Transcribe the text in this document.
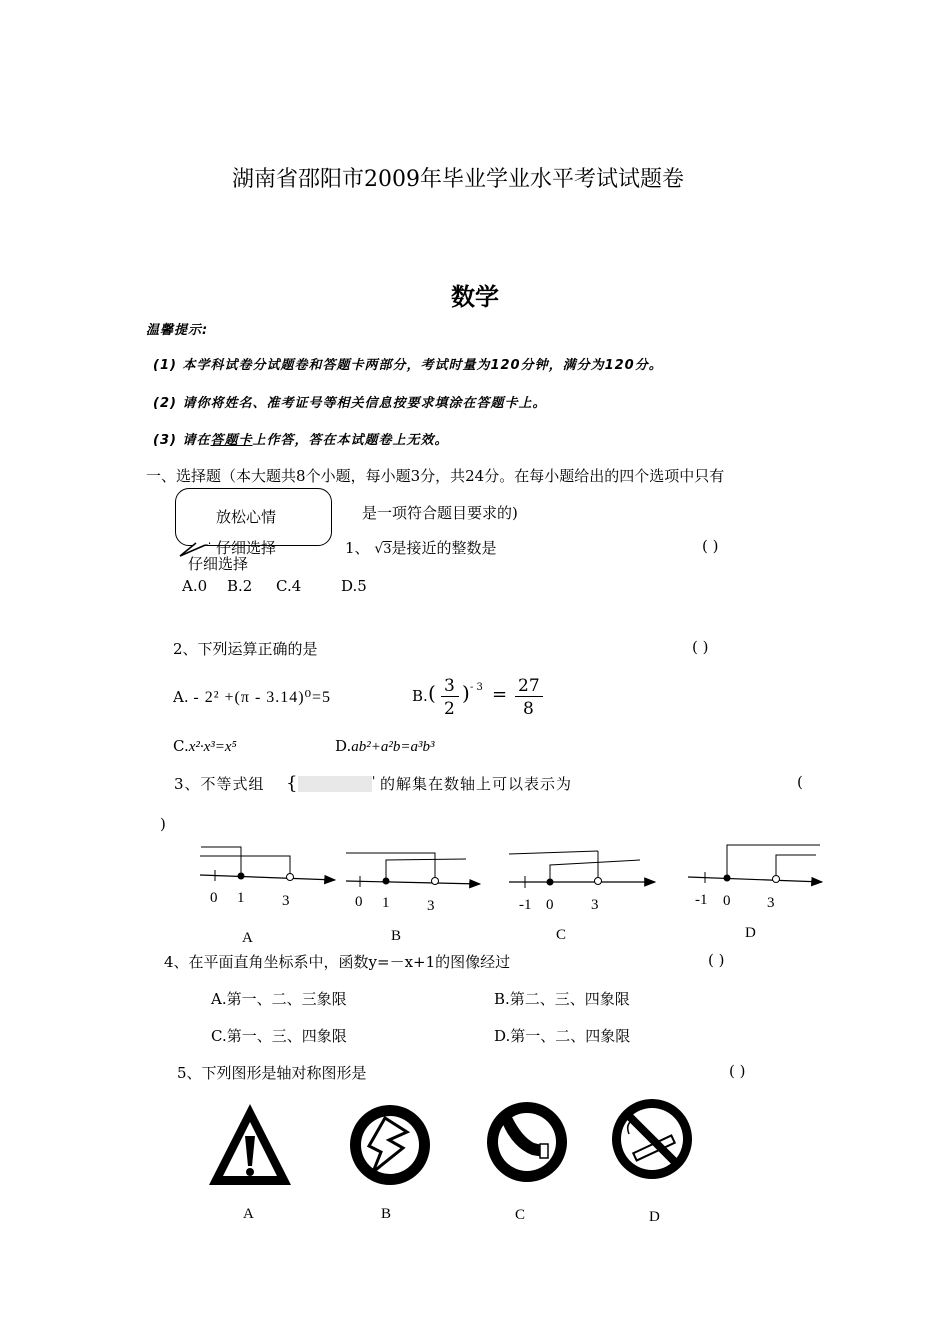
湖南省邵阳市2009年毕业学业水平考试试题卷
数学
温馨提示:
(1) 本学科试卷分试题卷和答题卡两部分，考试时量为120分钟，满分为120分。
(2) 请你将姓名、准考证号等相关信息按要求填涂在答题卡上。
(3) 请在答题卡上作答，答在本试题卷上无效。
一、选择题（本大题共8个小题，每小题3分，共24分。在每小题给出的四个选项中只有
是一项符合题目要求的)
放松心情
仔细选择
仔细选择
1、 √3是接近的整数是	( )
A.0 B.2 C.4	D.5
2、下列运算正确的是	( )
A. - 2² +(π - 3.14)⁰=5	B. ( 3
2
) - 3 = 27
8
C.x²·x³=x⁵	D.ab²+a²b=a³b³
3、不等式组 {	' 的解集在数轴上可以表示为	(
)
0 1	3
A
0 1	3
B
-1 0	3
C
-1 0 3
D
4、在平面直角坐标系中，函数y=－x+1的图像经过	( )
A.第一、二、三象限	B.第二、三、四象限
C.第一、三、四象限	D.第一、二、四象限
5、下列图形是轴对称图形是	( )
A	B	C	D
